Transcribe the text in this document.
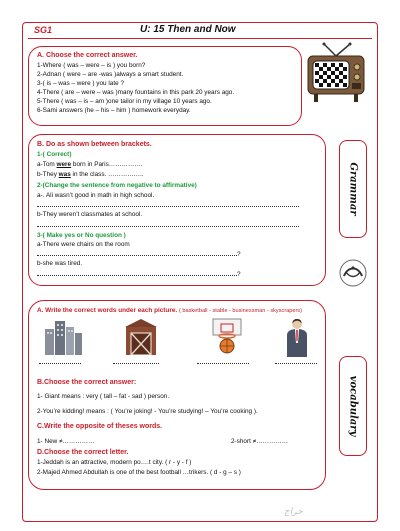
SG1	U: 15 Then and Now
A. Choose the correct answer.
1-Where ( was – were – is ) you born?
2-Adnan ( were – are -was )always a smart student.
3-( is – was – were ) you late ?
4-There ( are – were – was )many fountains in this park 20 years ago.
5-There ( was – is – am )one tailor in my village 10 years ago.
6-Sami answers (he – his – him ) homework everyday.
B. Do as shown between brackets.
1-( Correct)
a-Tom were born in Paris…………….
b-They was in the class. ……………..
2-(Change the sentence from negative to affirmative)
a-. Ali wasn’t good in math in high school.
b-They weren’t classmates at school.
3-( Make yes or No question )
a-There were chairs on the room
?
b-she was tired.
?
Grammar
A. Write the correct words under each picture. ( basketball - stable - businessman - skyscrapers)
B.Choose the correct answer:
1- Giant means : very ( tall – fat - sad ) person.
2-You’re kidding! means : ( You’re joking! - You’re studying! – You’re cooking ).
C.Write the opposite of theses words.
1- New ≠……………	2-short ≠……………
D.Choose the correct letter.
1-Jeddah is an attractive, modern po….t city. ( r - y - f )
2-Majed Ahmed Abdullah is one of the best football …trikers. ( d - g – s )
vocabulary
حراج
